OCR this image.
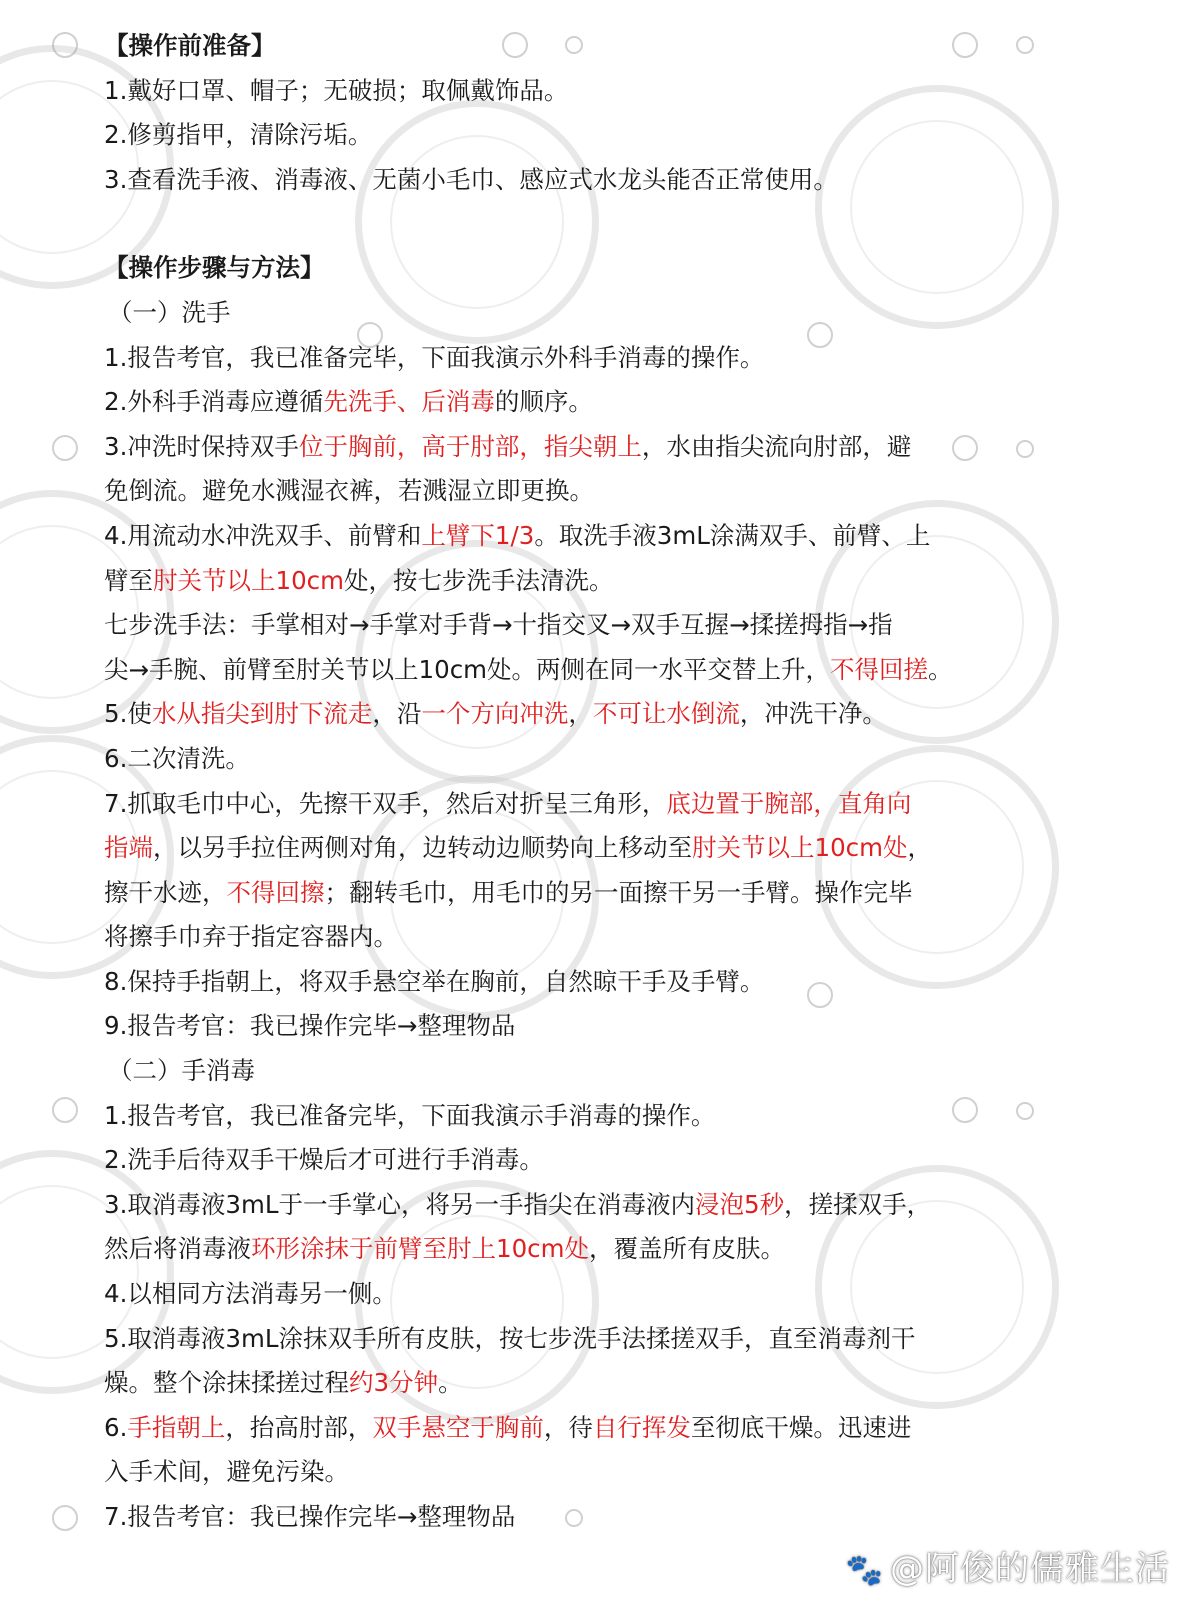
【操作前准备】
1.戴好口罩、帽子；无破损；取佩戴饰品。
2.修剪指甲，清除污垢。
3.查看洗手液、消毒液、无菌小毛巾、感应式水龙头能否正常使用。
【操作步骤与方法】
（一）洗手
1.报告考官，我已准备完毕，下面我演示外科手消毒的操作。
2.外科手消毒应遵循先洗手、后消毒的顺序。
3.冲洗时保持双手位于胸前，高于肘部，指尖朝上，水由指尖流向肘部，避
免倒流。避免水溅湿衣裤，若溅湿立即更换。
4.用流动水冲洗双手、前臂和上臂下1/3。取洗手液3mL涂满双手、前臂、上
臂至肘关节以上10cm处，按七步洗手法清洗。
七步洗手法：手掌相对→手掌对手背→十指交叉→双手互握→揉搓拇指→指
尖→手腕、前臂至肘关节以上10cm处。两侧在同一水平交替上升，不得回搓。
5.使水从指尖到肘下流走，沿一个方向冲洗，不可让水倒流，冲洗干净。
6.二次清洗。
7.抓取毛巾中心，先擦干双手，然后对折呈三角形，底边置于腕部，直角向
指端，以另手拉住两侧对角，边转动边顺势向上移动至肘关节以上10cm处，
擦干水迹，不得回擦；翻转毛巾，用毛巾的另一面擦干另一手臂。操作完毕
将擦手巾弃于指定容器内。
8.保持手指朝上，将双手悬空举在胸前，自然晾干手及手臂。
9.报告考官：我已操作完毕→整理物品
（二）手消毒
1.报告考官，我已准备完毕，下面我演示手消毒的操作。
2.洗手后待双手干燥后才可进行手消毒。
3.取消毒液3mL于一手掌心，将另一手指尖在消毒液内浸泡5秒，搓揉双手，
然后将消毒液环形涂抹于前臂至肘上10cm处，覆盖所有皮肤。
4.以相同方法消毒另一侧。
5.取消毒液3mL涂抹双手所有皮肤，按七步洗手法揉搓双手，直至消毒剂干
燥。整个涂抹揉搓过程约3分钟。
6.手指朝上，抬高肘部，双手悬空于胸前，待自行挥发至彻底干燥。迅速进
入手术间，避免污染。
7.报告考官：我已操作完毕→整理物品
🐾 @阿俊的儒雅生活
